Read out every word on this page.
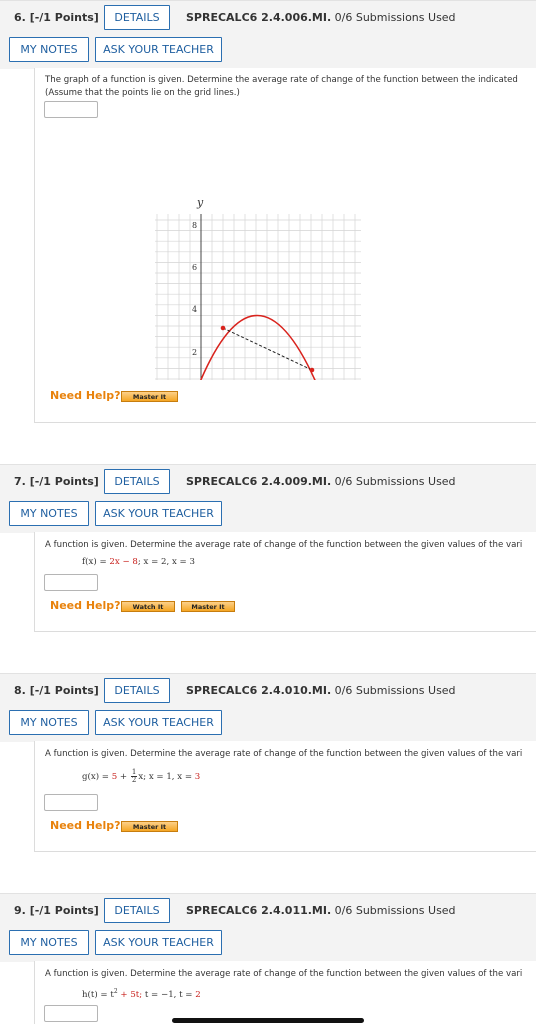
6. [-/1 Points]	DETAILS	SPRECALC6 2.4.006.MI. 0/6 Submissions Used
MY NOTES	ASK YOUR TEACHER
The graph of a function is given. Determine the average rate of change of the function between the indicated
(Assume that the points lie on the grid lines.)
y
8
6
4
2
Need Help?	Master It
7. [-/1 Points]	DETAILS	SPRECALC6 2.4.009.MI. 0/6 Submissions Used
MY NOTES	ASK YOUR TEACHER
A function is given. Determine the average rate of change of the function between the given values of the vari
f(x) = 2x − 8; x = 2, x = 3
Need Help?	Watch It	Master It
8. [-/1 Points]	DETAILS	SPRECALC6 2.4.010.MI. 0/6 Submissions Used
MY NOTES	ASK YOUR TEACHER
A function is given. Determine the average rate of change of the function between the given values of the vari
$g(x) = 5 + \frac{1}{2} x$; x = 1, x = 3
Need Help?	Master It
9. [-/1 Points]	DETAILS	SPRECALC6 2.4.011.MI. 0/6 Submissions Used
MY NOTES	ASK YOUR TEACHER
A function is given. Determine the average rate of change of the function between the given values of the vari
$h(t) = t^2 + 5t$; t = −1, t = 2
